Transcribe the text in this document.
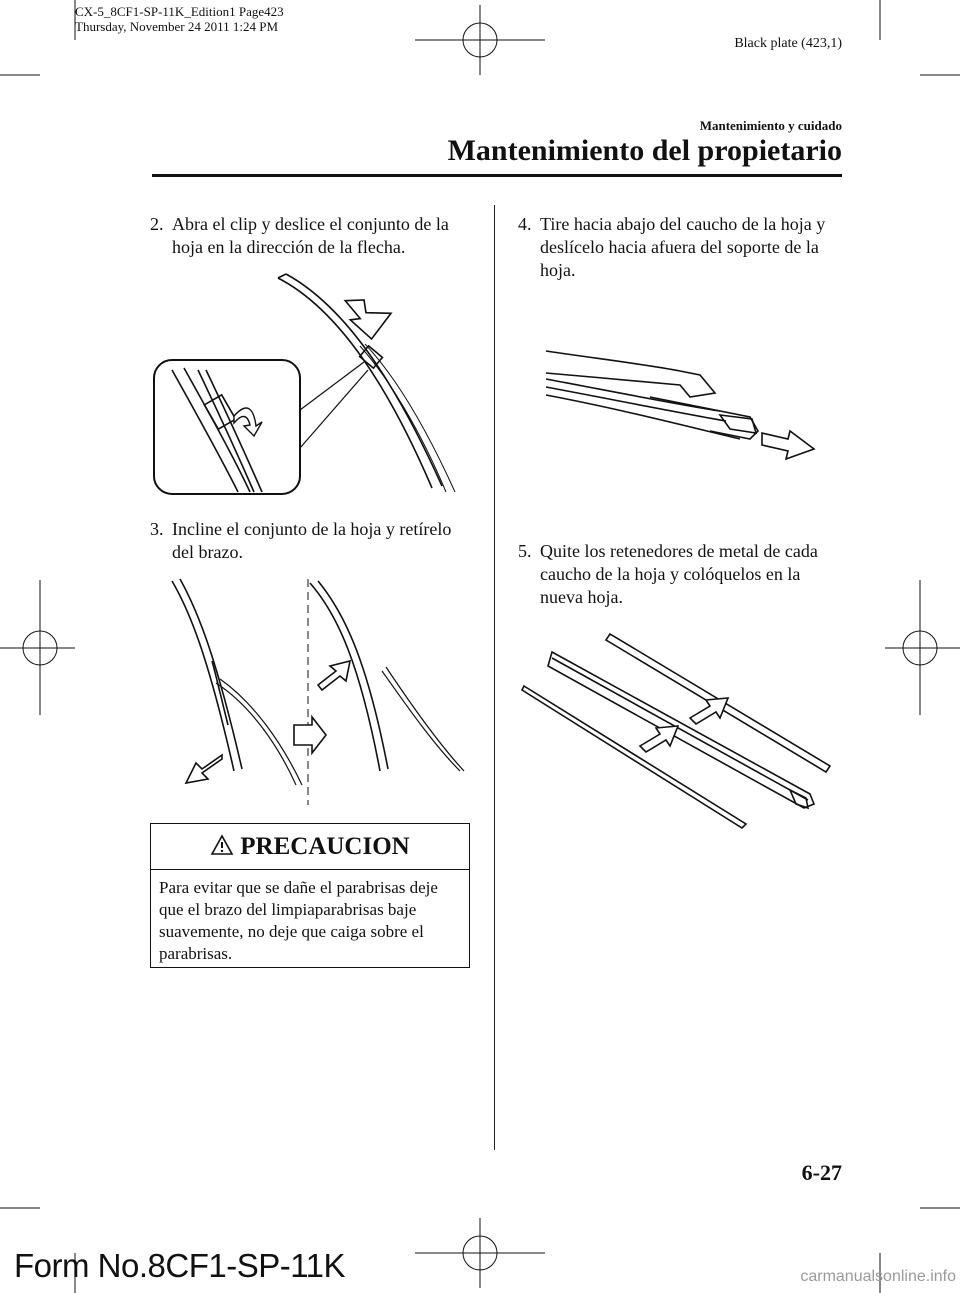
CX-5_8CF1-SP-11K_Edition1 Page423
Thursday, November 24 2011 1:24 PM
Black plate (423,1)
Mantenimiento y cuidado
Mantenimiento del propietario
2. Abra el clip y deslice el conjunto de la hoja en la dirección de la flecha.
3. Incline el conjunto de la hoja y retírelo del brazo.
PRECAUCION
Para evitar que se dañe el parabrisas deje que el brazo del limpiaparabrisas baje suavemente, no deje que caiga sobre el parabrisas.
4. Tire hacia abajo del caucho de la hoja y deslícelo hacia afuera del soporte de la hoja.
5. Quite los retenedores de metal de cada caucho de la hoja y colóquelos en la nueva hoja.
6-27
Form No.8CF1-SP-11K	carmanualsonline.info
